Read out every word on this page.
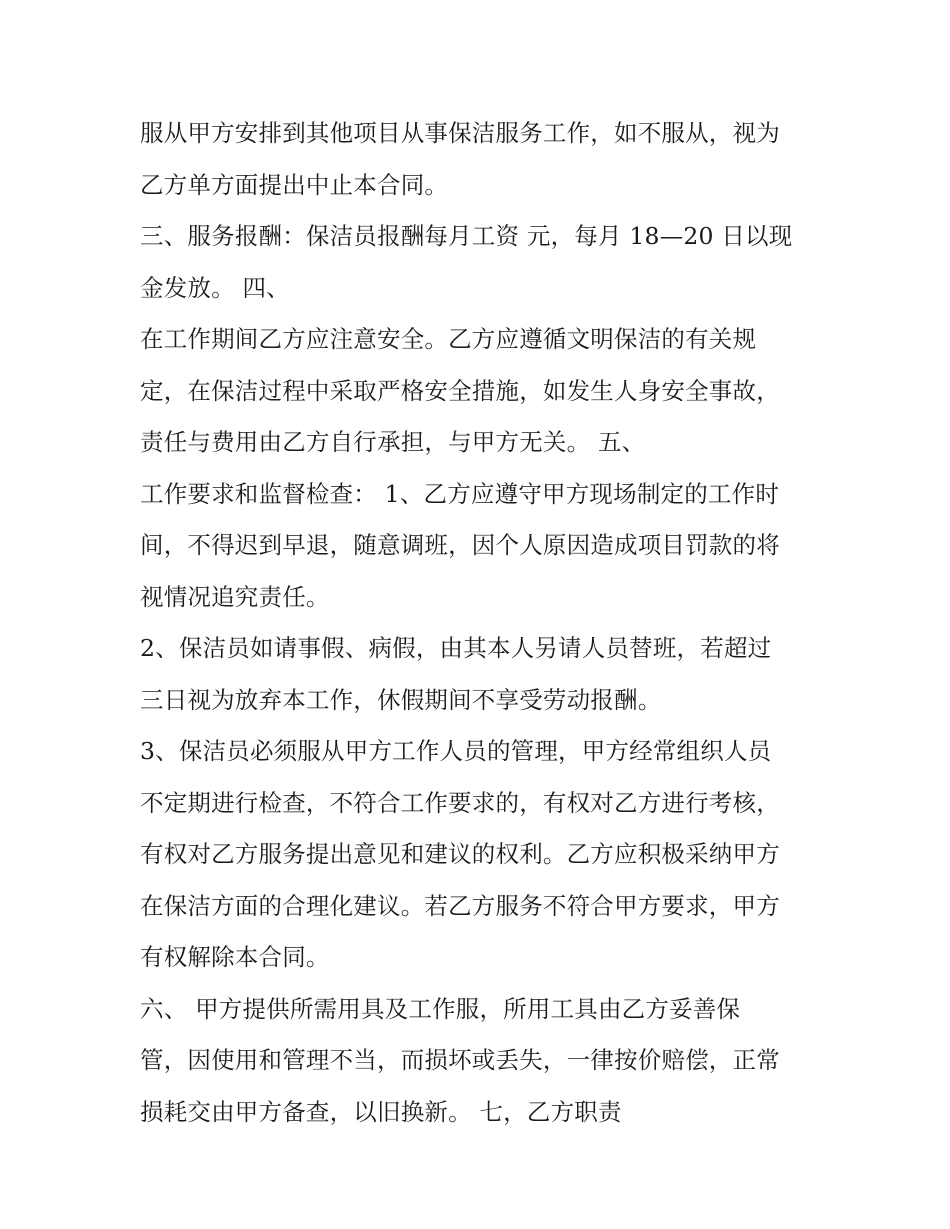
服从甲方安排到其他项目从事保洁服务工作，如不服从，视为
乙方单方面提出中止本合同。
三、服务报酬：保洁员报酬每月工资 元，每月 18—20 日以现
金发放。 四、
在工作期间乙方应注意安全。乙方应遵循文明保洁的有关规
定，在保洁过程中采取严格安全措施，如发生人身安全事故，
责任与费用由乙方自行承担，与甲方无关。 五、
工作要求和监督检查： 1、乙方应遵守甲方现场制定的工作时
间，不得迟到早退，随意调班，因个人原因造成项目罚款的将
视情况追究责任。
2、保洁员如请事假、病假，由其本人另请人员替班，若超过
三日视为放弃本工作，休假期间不享受劳动报酬。
3、保洁员必须服从甲方工作人员的管理，甲方经常组织人员
不定期进行检查，不符合工作要求的，有权对乙方进行考核，
有权对乙方服务提出意见和建议的权利。乙方应积极采纳甲方
在保洁方面的合理化建议。若乙方服务不符合甲方要求，甲方
有权解除本合同。
六、 甲方提供所需用具及工作服，所用工具由乙方妥善保
管，因使用和管理不当，而损坏或丢失，一律按价赔偿，正常
损耗交由甲方备查，以旧换新。 七，乙方职责
